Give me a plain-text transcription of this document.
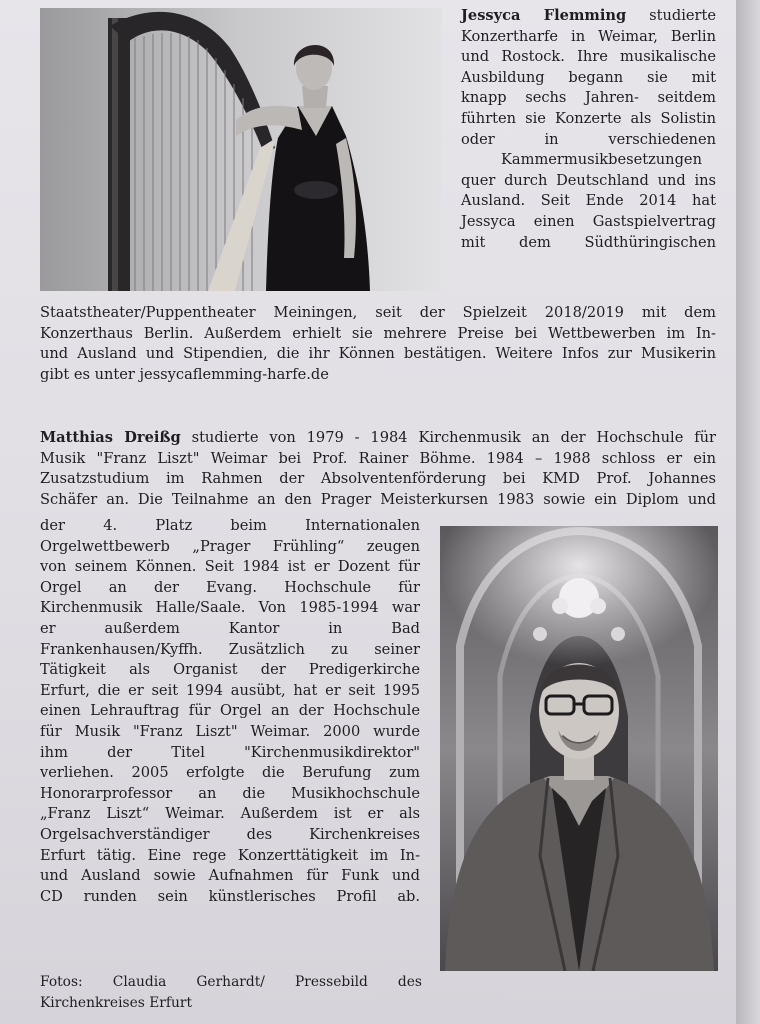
Jessyca Flemming studierte

Konzertharfe in Weimar, Berlin

und Rostock. Ihre musikalische

Ausbildung begann sie mit

knapp sechs Jahren- seitdem

führten sie Konzerte als Solistin

oder in verschiedenen

Kammermusikbesetzungen

quer durch Deutschland und ins

Ausland. Seit Ende 2014 hat

Jessyca einen Gastspielvertrag

mit dem Südthüringischen

Staatstheater/Puppentheater Meiningen, seit der Spielzeit 2018/2019 mit dem

Konzerthaus Berlin. Außerdem erhielt sie mehrere Preise bei Wettbewerben im In-

und Ausland und Stipendien, die ihr Können bestätigen. Weitere Infos zur Musikerin

gibt es unter jessycaflemming-harfe.de

Matthias Dreißg studierte von 1979 - 1984 Kirchenmusik an der Hochschule für

Musik "Franz Liszt" Weimar bei Prof. Rainer Böhme. 1984 – 1988 schloss er ein

Zusatzstudium im Rahmen der Absolventenförderung bei KMD Prof. Johannes

Schäfer an. Die Teilnahme an den Prager Meisterkursen 1983 sowie ein Diplom und

der 4. Platz beim Internationalen

Orgelwettbewerb „Prager Frühling“ zeugen

von seinem Können. Seit 1984 ist er Dozent für

Orgel an der Evang. Hochschule für

Kirchenmusik Halle/Saale. Von 1985-1994 war

er außerdem Kantor in Bad

Frankenhausen/Kyffh. Zusätzlich zu seiner

Tätigkeit als Organist der Predigerkirche

Erfurt, die er seit 1994 ausübt, hat er seit 1995

einen Lehrauftrag für Orgel an der Hochschule

für Musik "Franz Liszt" Weimar. 2000 wurde

ihm der Titel "Kirchenmusikdirektor"

verliehen. 2005 erfolgte die Berufung zum

Honorarprofessor an die Musikhochschule

„Franz Liszt“ Weimar. Außerdem ist er als

Orgelsachverständiger des Kirchenkreises

Erfurt tätig. Eine rege Konzerttätigkeit im In-

und Ausland sowie Aufnahmen für Funk und

CD runden sein künstlerisches Profil ab.

Fotos: Claudia Gerhardt/ Pressebild des

Kirchenkreises Erfurt
